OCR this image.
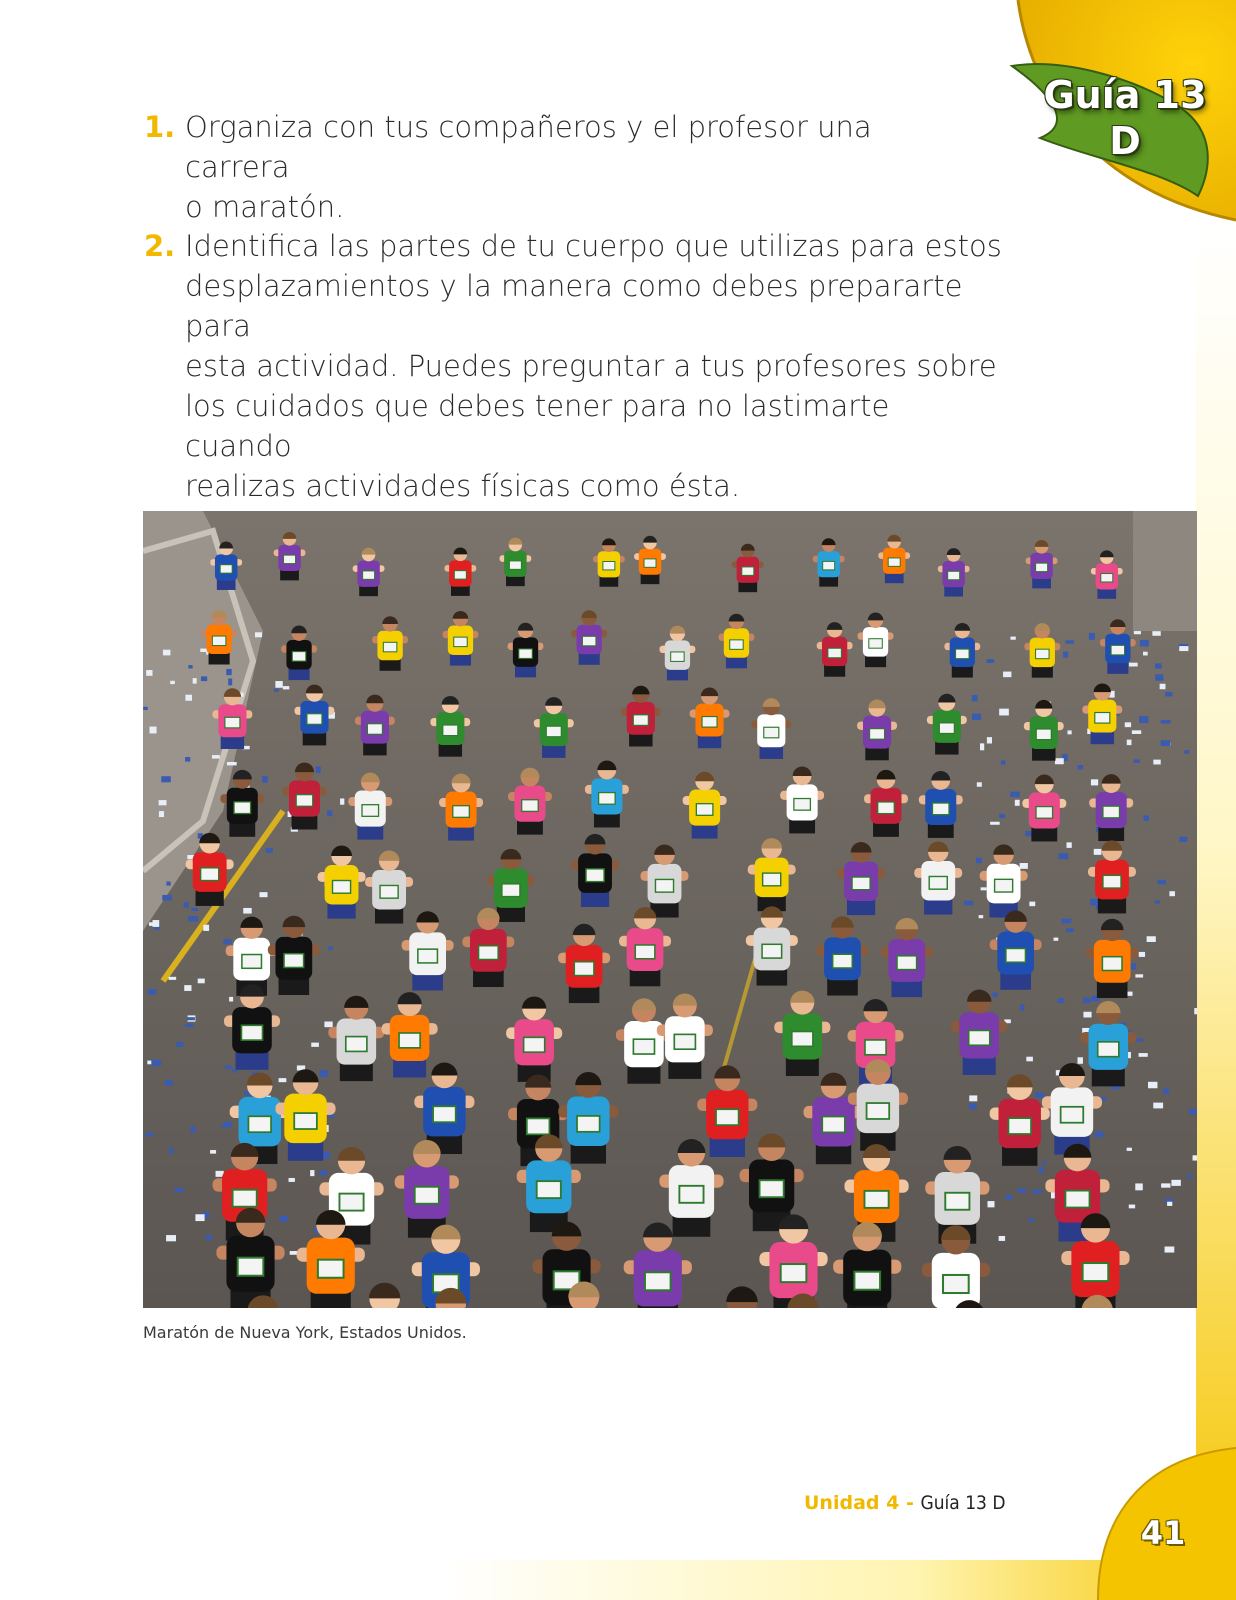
Guía 13
D
1. Organiza con tus compañeros y el profesor una carrera
o maratón.
2. Identifica las partes de tu cuerpo que utilizas para estos
desplazamientos y la manera como debes prepararte para
esta actividad. Puedes preguntar a tus profesores sobre
los cuidados que debes tener para no lastimarte cuando
realizas actividades físicas como ésta.
Maratón de Nueva York, Estados Unidos.
Unidad 4 - Guía 13 D
41
